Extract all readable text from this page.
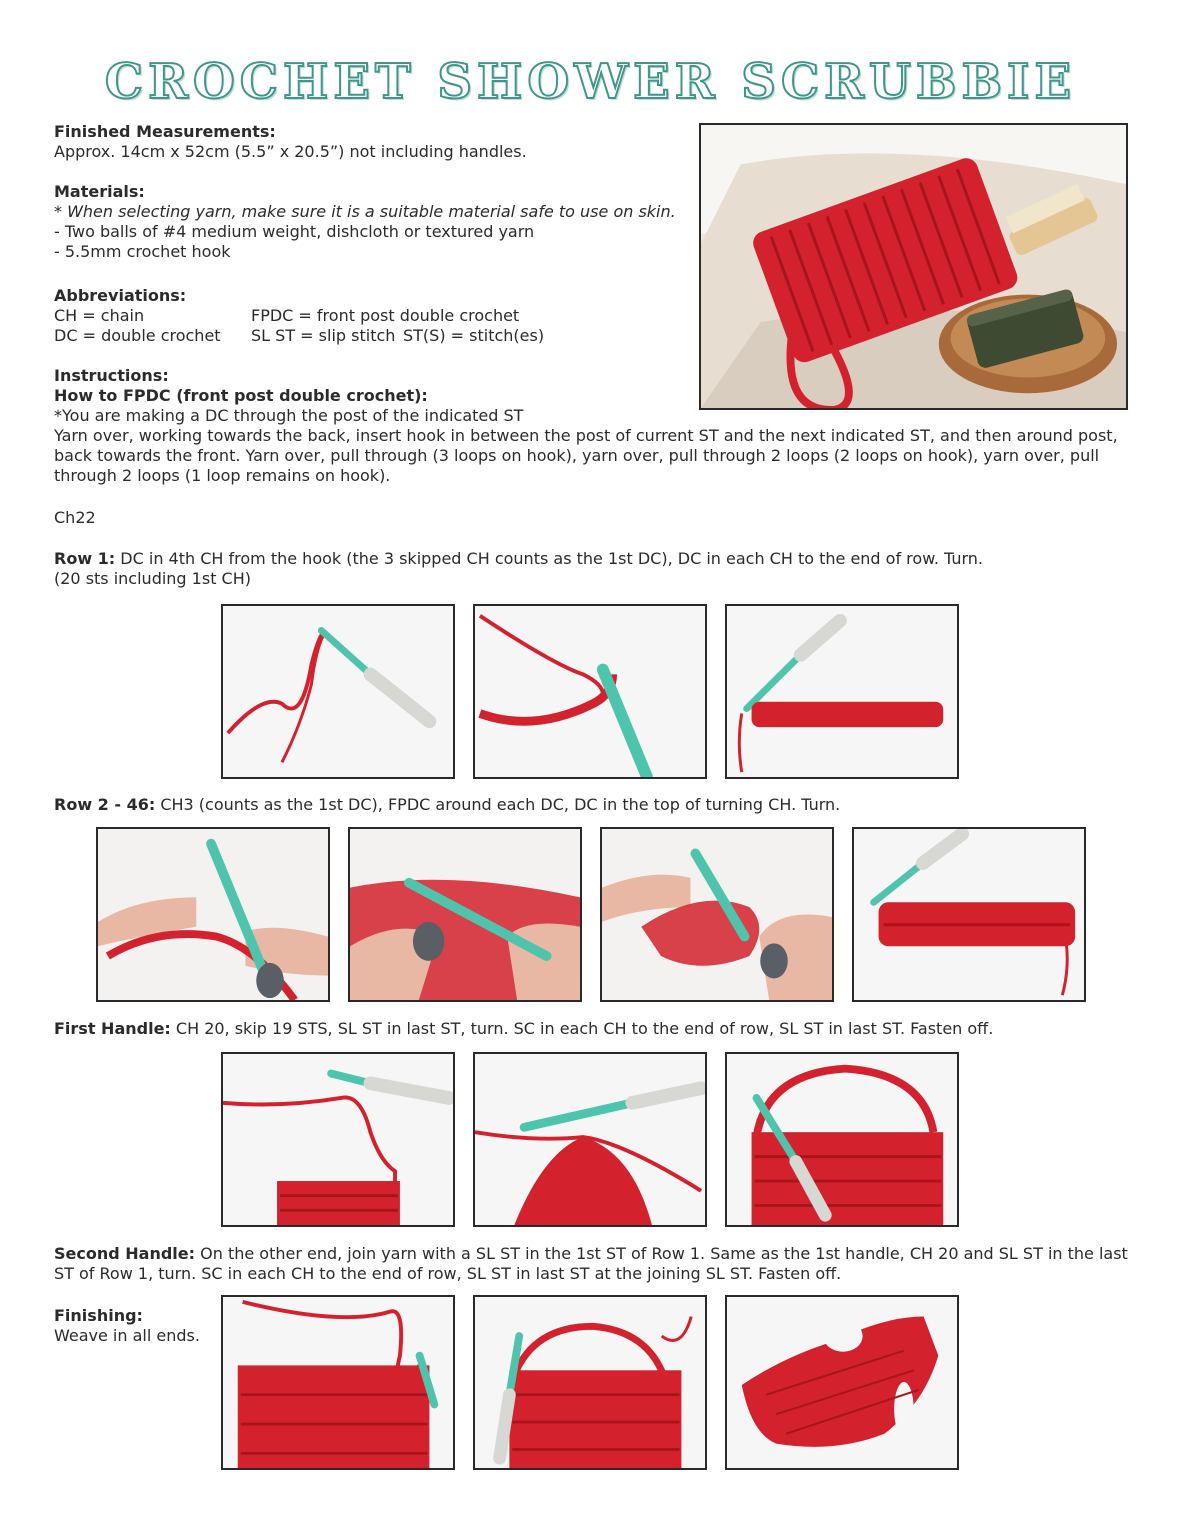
CROCHET SHOWER SCRUBBIE
Finished Measurements:
Approx. 14cm x 52cm (5.5” x 20.5”) not including handles.
Materials:
* When selecting yarn, make sure it is a suitable material safe to use on skin.
- Two balls of #4 medium weight, dishcloth or textured yarn
- 5.5mm crochet hook
Abbreviations:
CH = chain	FPDC = front post double crochet
DC = double crochet SL ST = slip stitch ST(S) = stitch(es)
Instructions:
How to FPDC (front post double crochet):
*You are making a DC through the post of the indicated ST
Yarn over, working towards the back, insert hook in between the post of current ST and the next indicated ST, and then around post, back towards the front. Yarn over, pull through (3 loops on hook), yarn over, pull through 2 loops (2 loops on hook), yarn over, pull through 2 loops (1 loop remains on hook).
Ch22
Row 1: DC in 4th CH from the hook (the 3 skipped CH counts as the 1st DC), DC in each CH to the end of row. Turn.
(20 sts including 1st CH)
Row 2 - 46: CH3 (counts as the 1st DC), FPDC around each DC, DC in the top of turning CH. Turn.
First Handle: CH 20, skip 19 STS, SL ST in last ST, turn. SC in each CH to the end of row, SL ST in last ST. Fasten off.
Second Handle: On the other end, join yarn with a SL ST in the 1st ST of Row 1. Same as the 1st handle, CH 20 and SL ST in the last ST of Row 1, turn. SC in each CH to the end of row, SL ST in last ST at the joining SL ST. Fasten off.
Finishing:
Weave in all ends.
